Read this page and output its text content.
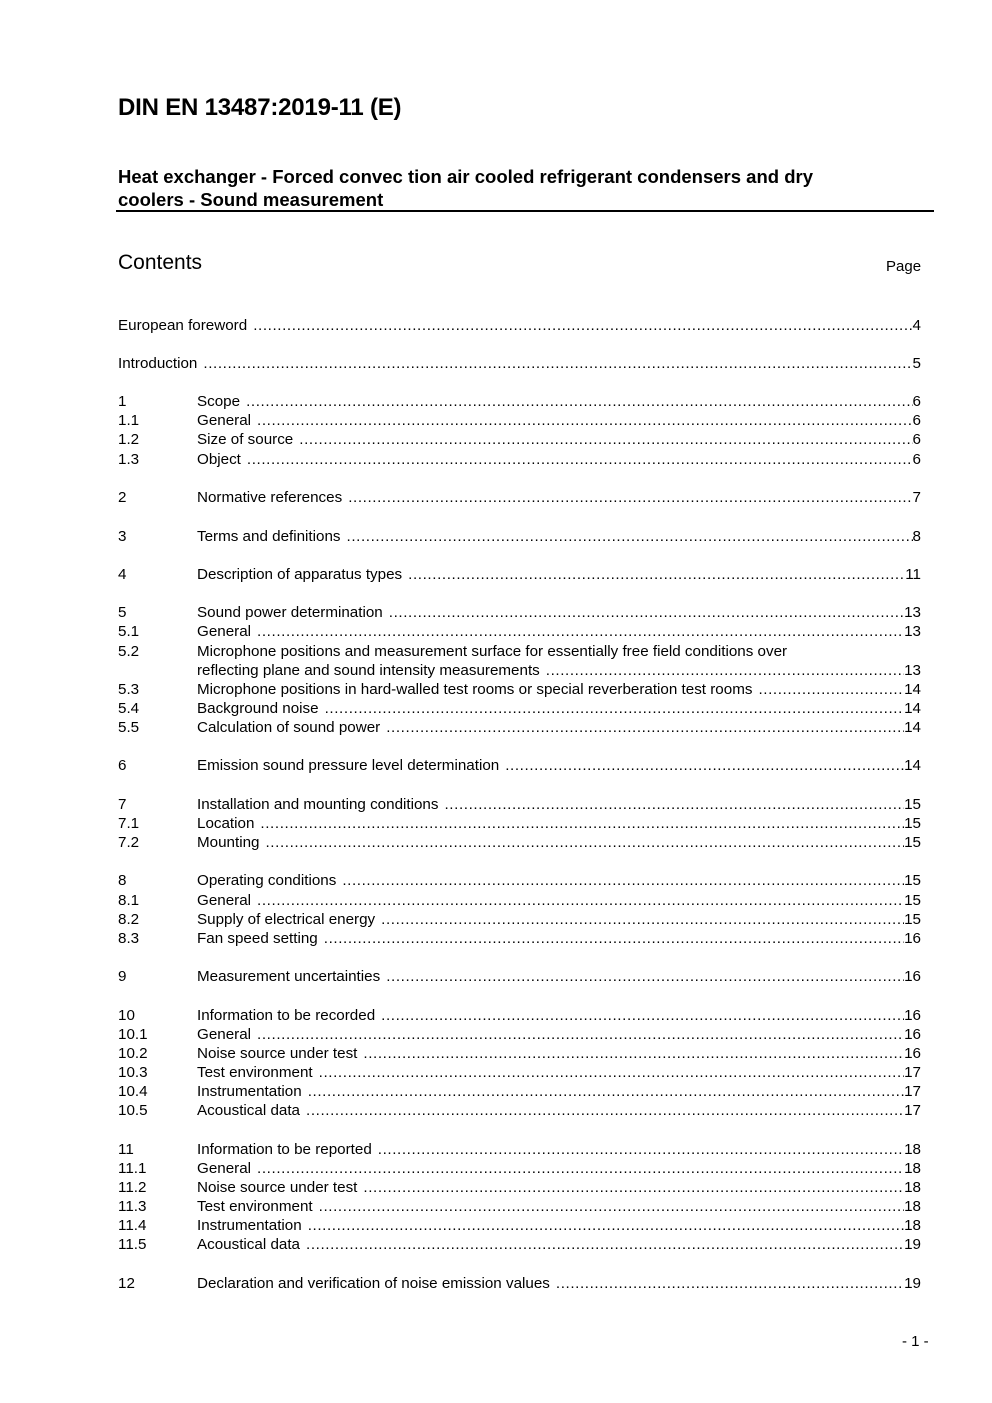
DIN EN 13487:2019-11 (E)
Heat exchanger - Forced convec tion air cooled refrigerant condensers and dry
coolers - Sound measurement
Contents	Page
European foreword .....	4
Introduction .....	5
1	Scope .....	6
1.1	General .....	6
1.2	Size of source .....	6
1.3	Object .....	6
2	Normative references .....	7
3	Terms and definitions .....	8
4	Description of apparatus types .....	11
5	Sound power determination .....	13
5.1	General .....	13
5.2	Microphone positions and measurement surface for essentially free field conditions over
reflecting plane and sound intensity measurements .....	13
5.3	Microphone positions in hard-walled test rooms or special reverberation test rooms .....	14
5.4	Background noise .....	14
5.5	Calculation of sound power .....	14
6	Emission sound pressure level determination .....	14
7	Installation and mounting conditions .....	15
7.1	Location .....	15
7.2	Mounting .....	15
8	Operating conditions .....	15
8.1	General .....	15
8.2	Supply of electrical energy .....	15
8.3	Fan speed setting .....	16
9	Measurement uncertainties .....	16
10	Information to be recorded .....	16
10.1	General .....	16
10.2	Noise source under test .....	16
10.3	Test environment .....	17
10.4	Instrumentation .....	17
10.5	Acoustical data .....	17
11	Information to be reported .....	18
11.1	General .....	18
11.2	Noise source under test .....	18
11.3	Test environment .....	18
11.4	Instrumentation .....	18
11.5	Acoustical data .....	19
12	Declaration and verification of noise emission values .....	19
- 1 -
